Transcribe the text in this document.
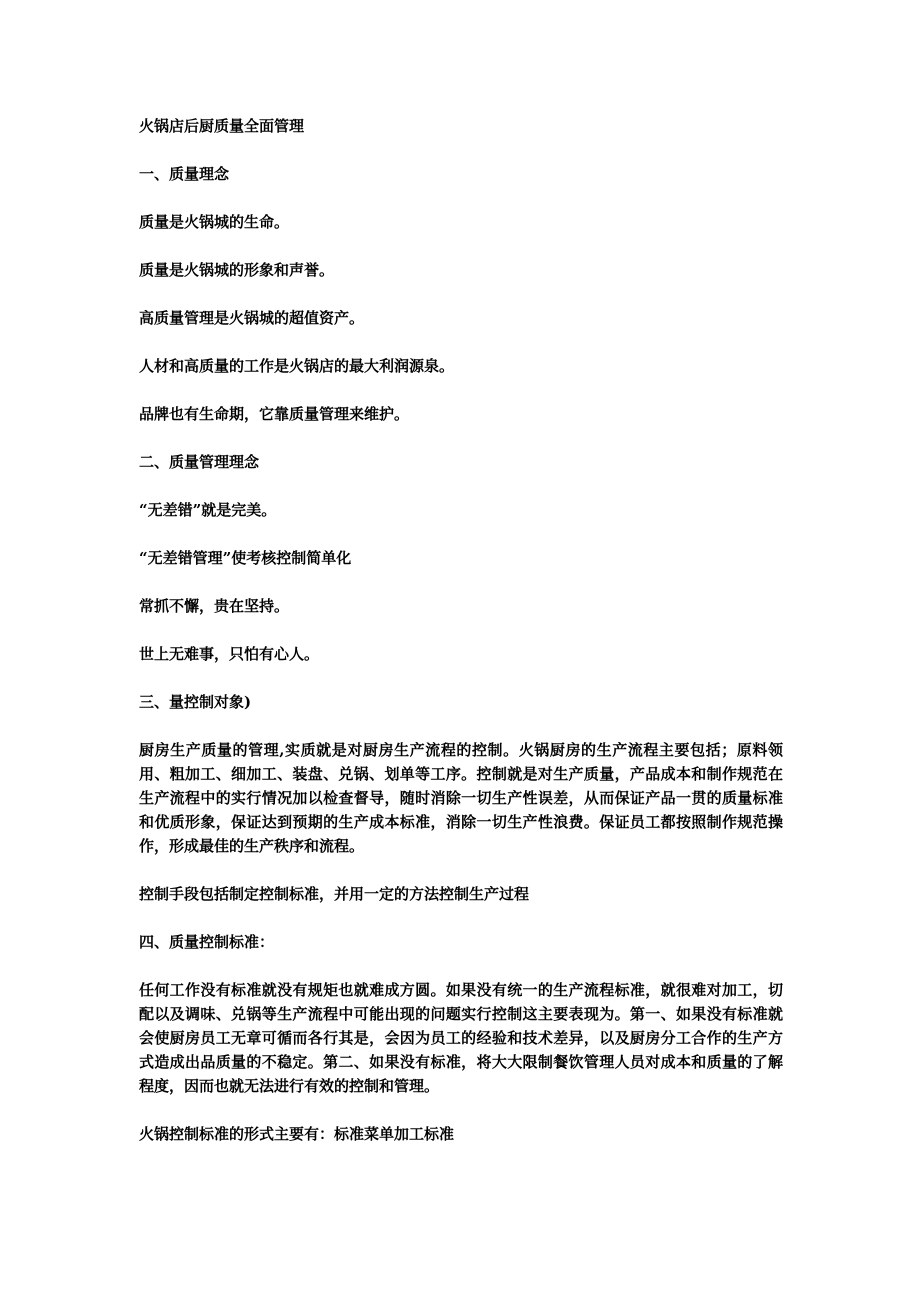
火锅店后厨质量全面管理

一、质量理念

质量是火锅城的生命。

质量是火锅城的形象和声誉。

高质量管理是火锅城的超值资产。

人材和高质量的工作是火锅店的最大利润源泉。

品牌也有生命期，它靠质量管理来维护。

二、质量管理理念

“无差错”就是完美。

“无差错管理”使考核控制简单化

常抓不懈，贵在坚持。

世上无难事，只怕有心人。

三、量控制对象)

厨房生产质量的管理,实质就是对厨房生产流程的控制。火锅厨房的生产流程主要包括；原料领用、粗加工、细加工、装盘、兑锅、划单等工序。控制就是对生产质量，产品成本和制作规范在生产流程中的实行情况加以检查督导，随时消除一切生产性误差，从而保证产品一贯的质量标准和优质形象，保证达到预期的生产成本标准，消除一切生产性浪费。保证员工都按照制作规范操作，形成最佳的生产秩序和流程。

控制手段包括制定控制标准，并用一定的方法控制生产过程

四、质量控制标准：

任何工作没有标准就没有规矩也就难成方圆。如果没有统一的生产流程标准，就很难对加工，切配以及调味、兑锅等生产流程中可能出现的问题实行控制这主要表现为。第一、如果没有标准就会使厨房员工无章可循而各行其是，会因为员工的经验和技术差异，以及厨房分工合作的生产方式造成出品质量的不稳定。第二、如果没有标准，将大大限制餐饮管理人员对成本和质量的了解程度，因而也就无法进行有效的控制和管理。

火锅控制标准的形式主要有：标准菜单加工标准
